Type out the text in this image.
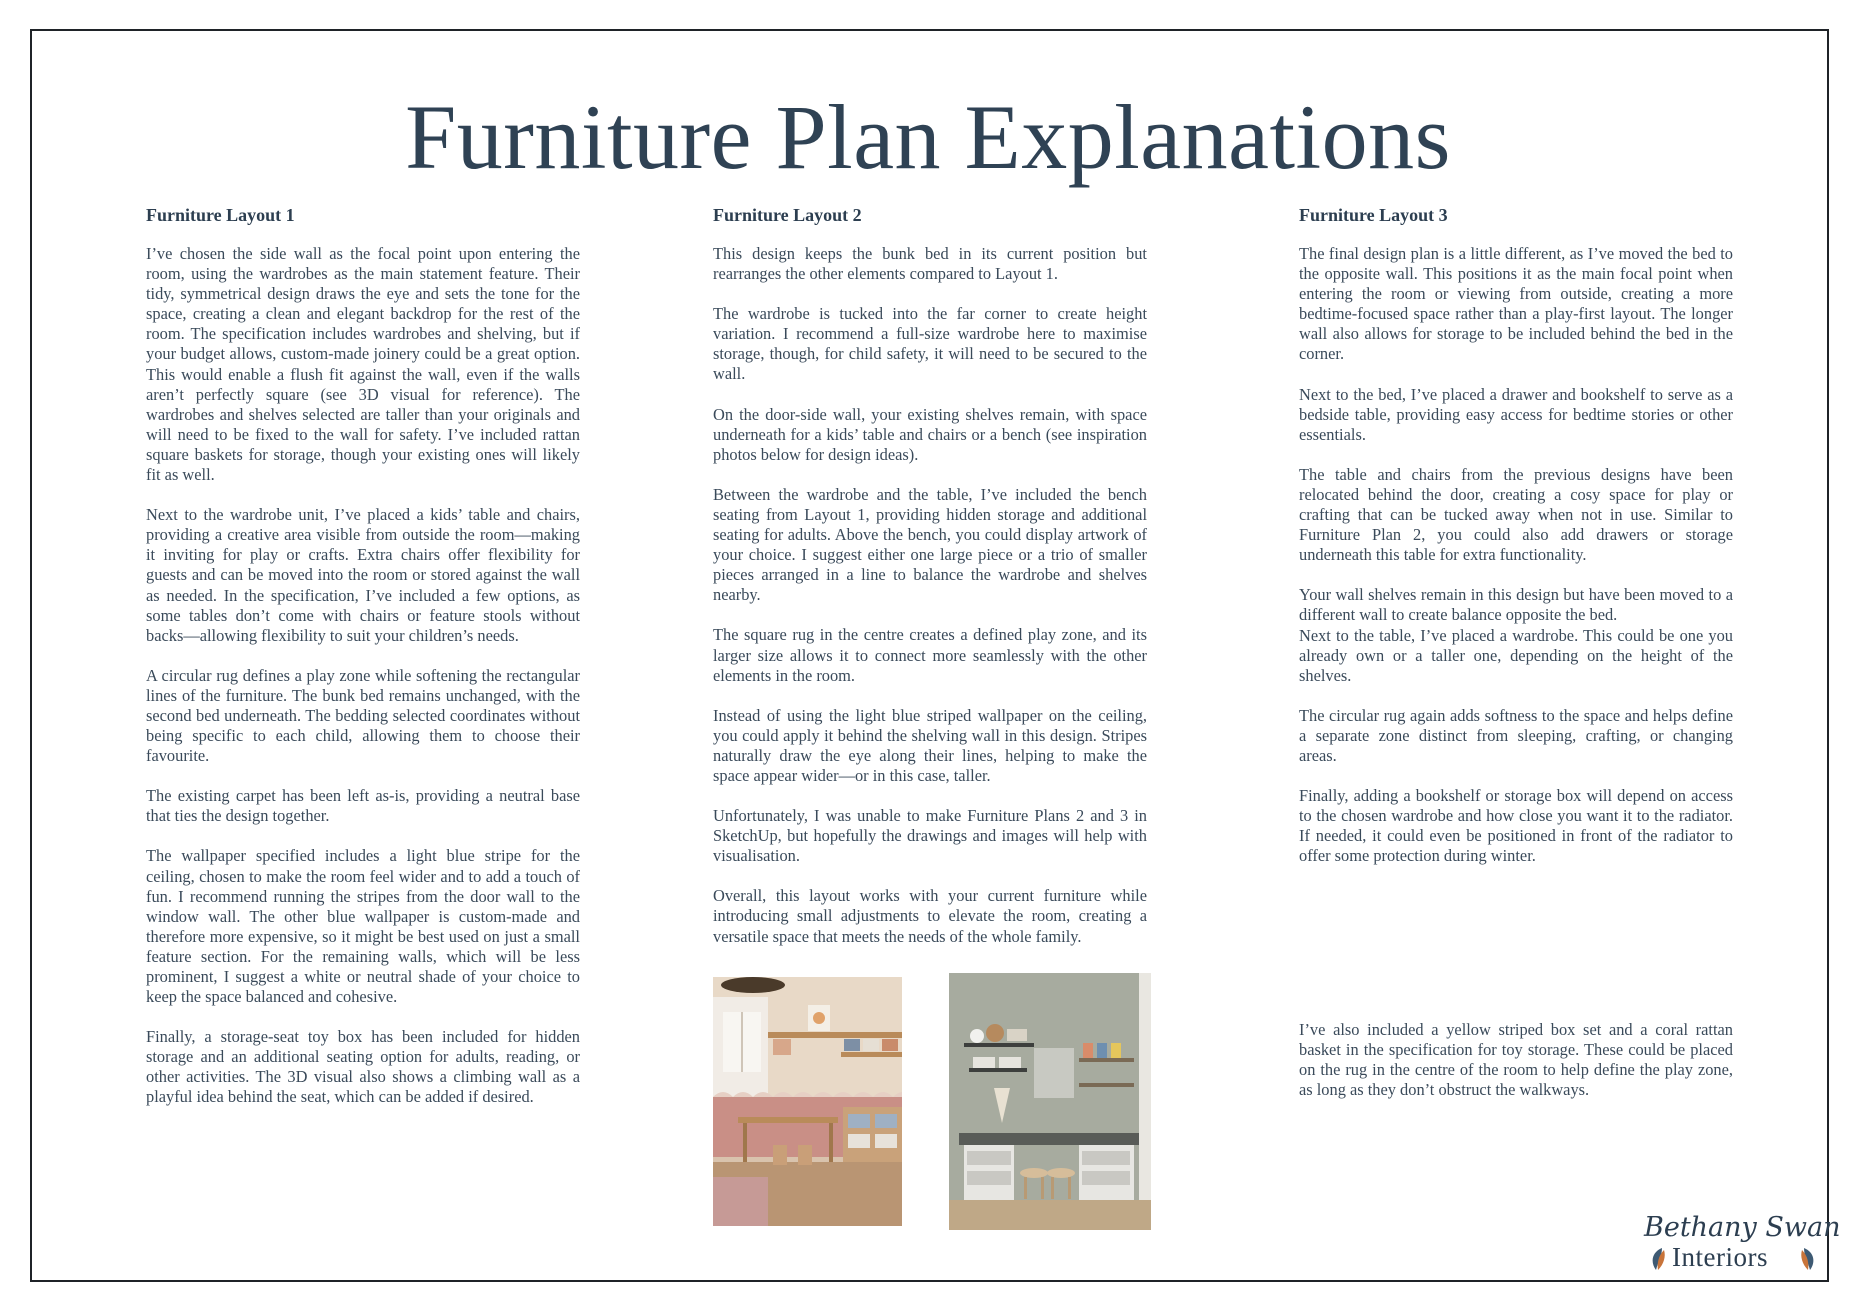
Furniture Plan Explanations
Furniture Layout 1

I’ve chosen the side wall as the focal point upon entering the room, using the wardrobes as the main statement feature. Their tidy, symmetrical design draws the eye and sets the tone for the space, creating a clean and elegant backdrop for the rest of the room. The specification includes wardrobes and shelving, but if your budget allows, custom-made joinery could be a great option. This would enable a flush fit against the wall, even if the walls aren’t perfectly square (see 3D visual for reference). The wardrobes and shelves selected are taller than your originals and will need to be fixed to the wall for safety. I’ve included rattan square baskets for storage, though your existing ones will likely fit as well.

Next to the wardrobe unit, I’ve placed a kids’ table and chairs, providing a creative area visible from outside the room—making it inviting for play or crafts. Extra chairs offer flexibility for guests and can be moved into the room or stored against the wall as needed. In the specification, I’ve included a few options, as some tables don’t come with chairs or feature stools without backs—allowing flexibility to suit your children’s needs.

A circular rug defines a play zone while softening the rectangular lines of the furniture. The bunk bed remains unchanged, with the second bed underneath. The bedding selected coordinates without being specific to each child, allowing them to choose their favourite.

The existing carpet has been left as-is, providing a neutral base that ties the design together.

The wallpaper specified includes a light blue stripe for the ceiling, chosen to make the room feel wider and to add a touch of fun. I recommend running the stripes from the door wall to the window wall. The other blue wallpaper is custom-made and therefore more expensive, so it might be best used on just a small feature section. For the remaining walls, which will be less prominent, I suggest a white or neutral shade of your choice to keep the space balanced and cohesive.

Finally, a storage-seat toy box has been included for hidden storage and an additional seating option for adults, reading, or other activities. The 3D visual also shows a climbing wall as a playful idea behind the seat, which can be added if desired.

Furniture Layout 2

This design keeps the bunk bed in its current position but rearranges the other elements compared to Layout 1.

The wardrobe is tucked into the far corner to create height variation. I recommend a full-size wardrobe here to maximise storage, though, for child safety, it will need to be secured to the wall.

On the door-side wall, your existing shelves remain, with space underneath for a kids’ table and chairs or a bench (see inspiration photos below for design ideas).

Between the wardrobe and the table, I’ve included the bench seating from Layout 1, providing hidden storage and additional seating for adults. Above the bench, you could display artwork of your choice. I suggest either one large piece or a trio of smaller pieces arranged in a line to balance the wardrobe and shelves nearby.

The square rug in the centre creates a defined play zone, and its larger size allows it to connect more seamlessly with the other elements in the room.

Instead of using the light blue striped wallpaper on the ceiling, you could apply it behind the shelving wall in this design. Stripes naturally draw the eye along their lines, helping to make the space appear wider—or in this case, taller.

Unfortunately, I was unable to make Furniture Plans 2 and 3 in SketchUp, but hopefully the drawings and images will help with visualisation.

Overall, this layout works with your current furniture while introducing small adjustments to elevate the room, creating a versatile space that meets the needs of the whole family.

Furniture Layout 3

The final design plan is a little different, as I’ve moved the bed to the opposite wall. This positions it as the main focal point when entering the room or viewing from outside, creating a more bedtime-focused space rather than a play-first layout. The longer wall also allows for storage to be included behind the bed in the corner.

Next to the bed, I’ve placed a drawer and bookshelf to serve as a bedside table, providing easy access for bedtime stories or other essentials.

The table and chairs from the previous designs have been relocated behind the door, creating a cosy space for play or crafting that can be tucked away when not in use. Similar to Furniture Plan 2, you could also add drawers or storage underneath this table for extra functionality.

Your wall shelves remain in this design but have been moved to a different wall to create balance opposite the bed.

Next to the table, I’ve placed a wardrobe. This could be one you already own or a taller one, depending on the height of the shelves.

The circular rug again adds softness to the space and helps define a separate zone distinct from sleeping, crafting, or changing areas.

Finally, adding a bookshelf or storage box will depend on access to the chosen wardrobe and how close you want it to the radiator. If needed, it could even be positioned in front of the radiator to offer some protection during winter.

I’ve also included a yellow striped box set and a coral rattan basket in the specification for toy storage. These could be placed on the rug in the centre of the room to help define the play zone, as long as they don’t obstruct the walkways.

Bethany Swan
Interiors
